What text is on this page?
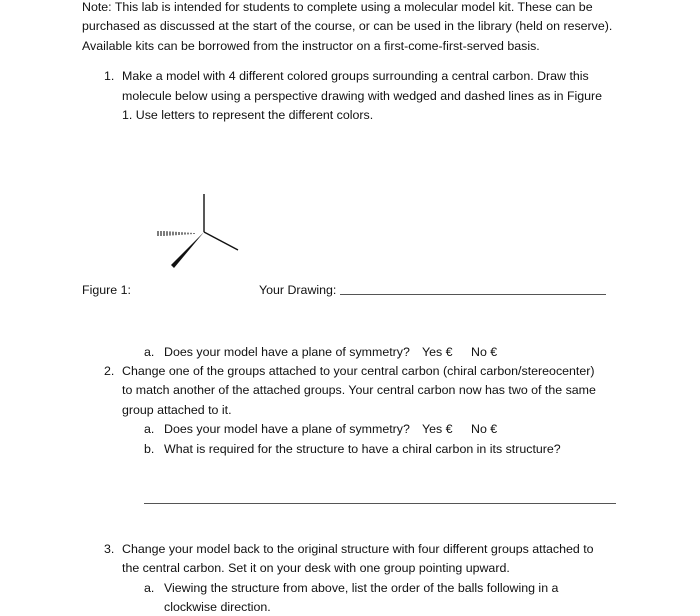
Note: This lab is intended for students to complete using a molecular model kit. These can be
purchased as discussed at the start of the course, or can be used in the library (held on reserve).
Available kits can be borrowed from the instructor on a first-come-first-served basis.
1. Make a model with 4 different colored groups surrounding a central carbon. Draw this
molecule below using a perspective drawing with wedged and dashed lines as in Figure
1. Use letters to represent the different colors.
Figure 1:	Your Drawing:
a. Does your model have a plane of symmetry? Yes € No €
2. Change one of the groups attached to your central carbon (chiral carbon/stereocenter)
to match another of the attached groups. Your central carbon now has two of the same
group attached to it.
a. Does your model have a plane of symmetry? Yes € No €
b. What is required for the structure to have a chiral carbon in its structure?
3. Change your model back to the original structure with four different groups attached to
the central carbon. Set it on your desk with one group pointing upward.
a. Viewing the structure from above, list the order of the balls following in a
clockwise direction.
